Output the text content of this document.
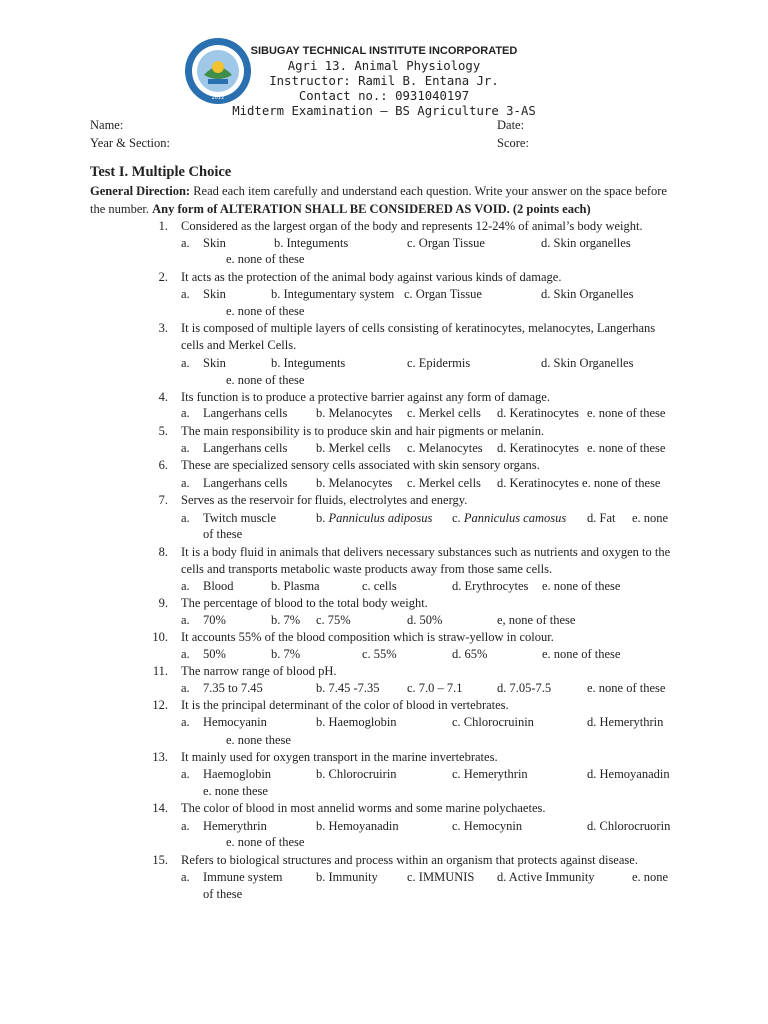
2012
SIBUGAY TECHNICAL INSTITUTE INCORPORATED
Agri 13. Animal Physiology
Instructor: Ramil B. Entana Jr.
Contact no.: 0931040197
Midterm Examination – BS Agriculture 3-AS
Name:	Date:
Year & Section:	Score:
Test I. Multiple Choice
General Direction: Read each item carefully and understand each question. Write your answer on the space before
the number. Any form of ALTERATION SHALL BE CONSIDERED AS VOID. (2 points each)
1. Considered as the largest organ of the body and represents 12-24% of animal’s body weight.
a. Skin	b. Integuments	c. Organ Tissue	d. Skin organelles
e. none of these
2. It acts as the protection of the animal body against various kinds of damage.
a. Skin	b. Integumentary system c. Organ Tissue	d. Skin Organelles
e. none of these
3. It is composed of multiple layers of cells consisting of keratinocytes, melanocytes, Langerhans
cells and Merkel Cells.
a. Skin	b. Integuments	c. Epidermis	d. Skin Organelles
e. none of these
4. Its function is to produce a protective barrier against any form of damage.
a. Langerhans cells b. Melanocytes c. Merkel cells d. Keratinocytes e. none of these
5. The main responsibility is to produce skin and hair pigments or melanin.
a. Langerhans cells b. Merkel cells c. Melanocytes d. Keratinocytes e. none of these
6. These are specialized sensory cells associated with skin sensory organs.
a. Langerhans cells b. Melanocytes c. Merkel cells d. Keratinocytes e. none of these
7. Serves as the reservoir for fluids, electrolytes and energy.
a. Twitch muscle	b. Panniculus adiposus c. Panniculus camosus d. Fat e. none
of these
8. It is a body fluid in animals that delivers necessary substances such as nutrients and oxygen to the
cells and transports metabolic waste products away from those same cells.
a. Blood	b. Plasma	c. cells	d. Erythrocytes e. none of these
9. The percentage of blood to the total body weight.
a. 70%	b. 7% c. 75%	d. 50%	e, none of these
10. It accounts 55% of the blood composition which is straw-yellow in colour.
a. 50%	b. 7%	c. 55%	d. 65%	e. none of these
11. The narrow range of blood pH.
a. 7.35 to 7.45	b. 7.45 -7.35 c. 7.0 – 7.1	d. 7.05-7.5	e. none of these
12. It is the principal determinant of the color of blood in vertebrates.
a. Hemocyanin	b. Haemoglobin	c. Chlorocruinin	d. Hemerythrin
e. none these
13. It mainly used for oxygen transport in the marine invertebrates.
a. Haemoglobin	b. Chlorocruirin	c. Hemerythrin	d. Hemoyanadin
e. none these
14. The color of blood in most annelid worms and some marine polychaetes.
a. Hemerythrin	b. Hemoyanadin	c. Hemocynin	d. Chlorocruorin
e. none of these
15. Refers to biological structures and process within an organism that protects against disease.
a. Immune system	b. Immunity c. IMMUNIS d. Active Immunity	e. none
of these
